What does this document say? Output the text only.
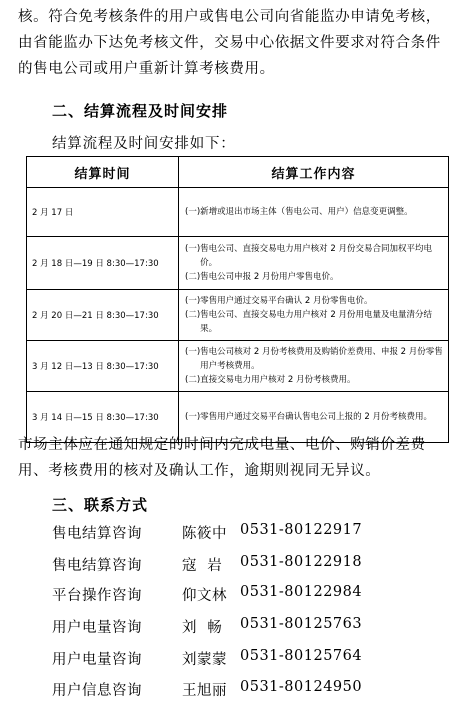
核。符合免考核条件的用户或售电公司向省能监办申请免考核，由省能监办下达免考核文件，交易中心依据文件要求对符合条件的售电公司或用户重新计算考核费用。

二、结算流程及时间安排

结算流程及时间安排如下：

结算时间	结算工作内容
2 月 17 日	(一) 新增或退出市场主体（售电公司、用户）信息变更调整。

2 月 18 日—19 日 8:30—17:30	(一) 售电公司、直接交易电力用户核对 2 月份交易合同加权平均电价。
(二) 售电公司申报 2 月份用户零售电价。

2 月 20 日—21 日 8:30—17:30	(一) 零售用户通过交易平台确认 2 月份零售电价。
(二) 售电公司、直接交易电力用户核对 2 月份用电量及电量清分结果。

3 月 12 日—13 日 8:30—17:30	(一) 售电公司核对 2 月份考核费用及购销价差费用、申报 2 月份零售用户考核费用。
(二) 直接交易电力用户核对 2 月份考核费用。

3 月 14 日—15 日 8:30—17:30	(一) 零售用户通过交易平台确认售电公司上报的 2 月份考核费用。

市场主体应在通知规定的时间内完成电量、电价、购销价差费用、考核费用的核对及确认工作，逾期则视同无异议。

三、联系方式
售电结算咨询	陈筱中 0531-80122917
售电结算咨询	寇  岩	0531-80122918
平台操作咨询	仰文林 0531-80122984
用户电量咨询	刘  畅	0531-80125763
用户电量咨询	刘蒙蒙 0531-80125764
用户信息咨询	王旭丽 0531-80124950
